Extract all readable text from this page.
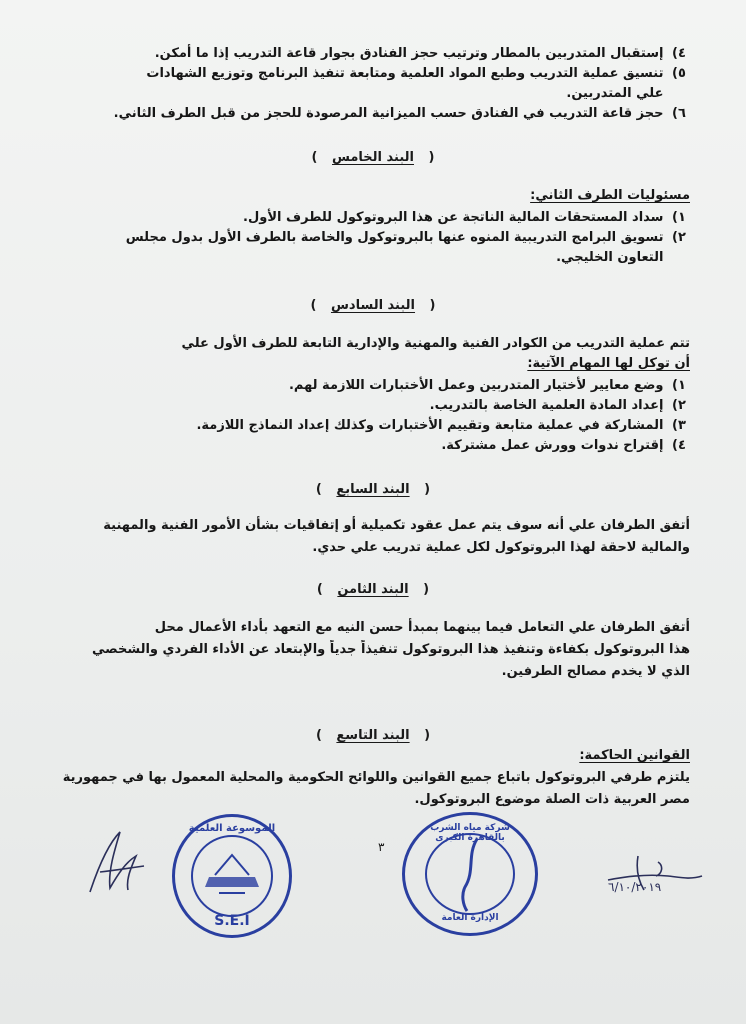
٤) إستقبال المتدربين بالمطار وترتيب حجز الفنادق بجوار قاعة التدريب إذا ما أمكن.
٥) تنسيق عملية التدريب وطبع المواد العلمية ومتابعة تنفيذ البرنامج وتوزيع الشهادات
علي المتدربين.
٦) حجز قاعة التدريب في الفنادق حسب الميزانية المرصودة للحجز من قبل الطرف الثاني.
( البند الخامس )
مسئوليات الطرف الثاني:
١) سداد المستحقات المالية الناتجة عن هذا البروتوكول للطرف الأول.
٢) تسويق البرامج التدريبية المنوه عنها بالبروتوكول والخاصة بالطرف الأول بدول مجلس
التعاون الخليجي.
( البند السادس )
تتم عملية التدريب من الكوادر الفنية والمهنية والإدارية التابعة للطرف الأول علي
أن توكل لها المهام الآتية:
١) وضع معايير لأختيار المتدربين وعمل الأختبارات اللازمة لهم.
٢) إعداد المادة العلمية الخاصة بالتدريب.
٣) المشاركة في عملية متابعة وتقييم الأختبارات وكذلك إعداد النماذج اللازمة.
٤) إقتراح ندوات وورش عمل مشتركة.
( البند السابع )
أتفق الطرفان علي أنه سوف يتم عمل عقود تكميلية أو إتفاقيات بشأن الأمور الفنية والمهنية
والمالية لاحقة لهذا البروتوكول لكل عملية تدريب علي حدي.
( البند الثامن )
أتفق الطرفان علي التعامل فيما بينهما بمبدأ حسن النيه مع التعهد بأداء الأعمال محل
هذا البروتوكول بكفاءة وتنفيذ هذا البروتوكول تنفيذاً جدياً والإبتعاد عن الأداء الفردي والشخصي
الذي لا يخدم مصالح الطرفين.
( البند التاسع )
القوانين الحاكمة:
يلتزم طرفي البروتوكول باتباع جميع القوانين واللوائح الحكومية والمحلية المعمول بها في جمهورية
مصر العربية ذات الصلة موضوع البروتوكول.
٣
الموسوعة العلمية
S.E.I
شركة مياه الشرب بالقاهرة الكبرى
الإدارة العامة
٦/١٠/٢٠١٩
